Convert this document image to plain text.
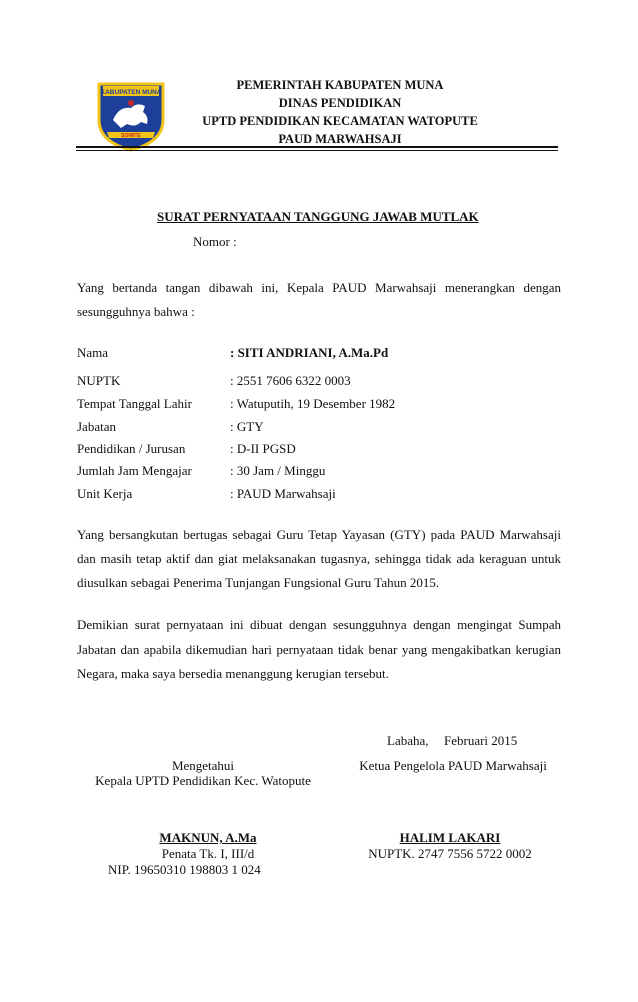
KABUPATEN MUNA
SOWITE
PEMERINTAH KABUPATEN MUNA
DINAS PENDIDIKAN
UPTD PENDIDIKAN KECAMATAN WATOPUTE
PAUD MARWAHSAJI
SURAT PERNYATAAN TANGGUNG JAWAB MUTLAK
Nomor :
Yang bertanda tangan dibawah ini, Kepala PAUD Marwahsaji menerangkan dengan
sesungguhnya bahwa :
Nama	: SITI ANDRIANI, A.Ma.Pd
NUPTK	: 2551 7606 6322 0003
Tempat Tanggal Lahir	: Watuputih, 19 Desember 1982
Jabatan	: GTY
Pendidikan / Jurusan	: D-II PGSD
Jumlah Jam Mengajar	: 30 Jam / Minggu
Unit Kerja	: PAUD Marwahsaji
Yang bersangkutan bertugas sebagai Guru Tetap Yayasan (GTY) pada PAUD Marwahsaji
dan masih tetap aktif dan giat melaksanakan tugasnya, sehingga tidak ada keraguan untuk
diusulkan sebagai Penerima Tunjangan Fungsional Guru Tahun 2015.
Demikian surat pernyataan ini dibuat dengan sesungguhnya dengan mengingat Sumpah
Jabatan dan apabila dikemudian hari pernyataan tidak benar yang mengakibatkan kerugian
Negara, maka saya bersedia menanggung kerugian tersebut.
Labaha, Februari 2015
Mengetahui
Kepala UPTD Pendidikan Kec. Watopute
MAKNUN, A.Ma
Penata Tk. I, III/d
NIP. 19650310 198803 1 024
Ketua Pengelola PAUD Marwahsaji
HALIM LAKARI
NUPTK. 2747 7556 5722 0002
